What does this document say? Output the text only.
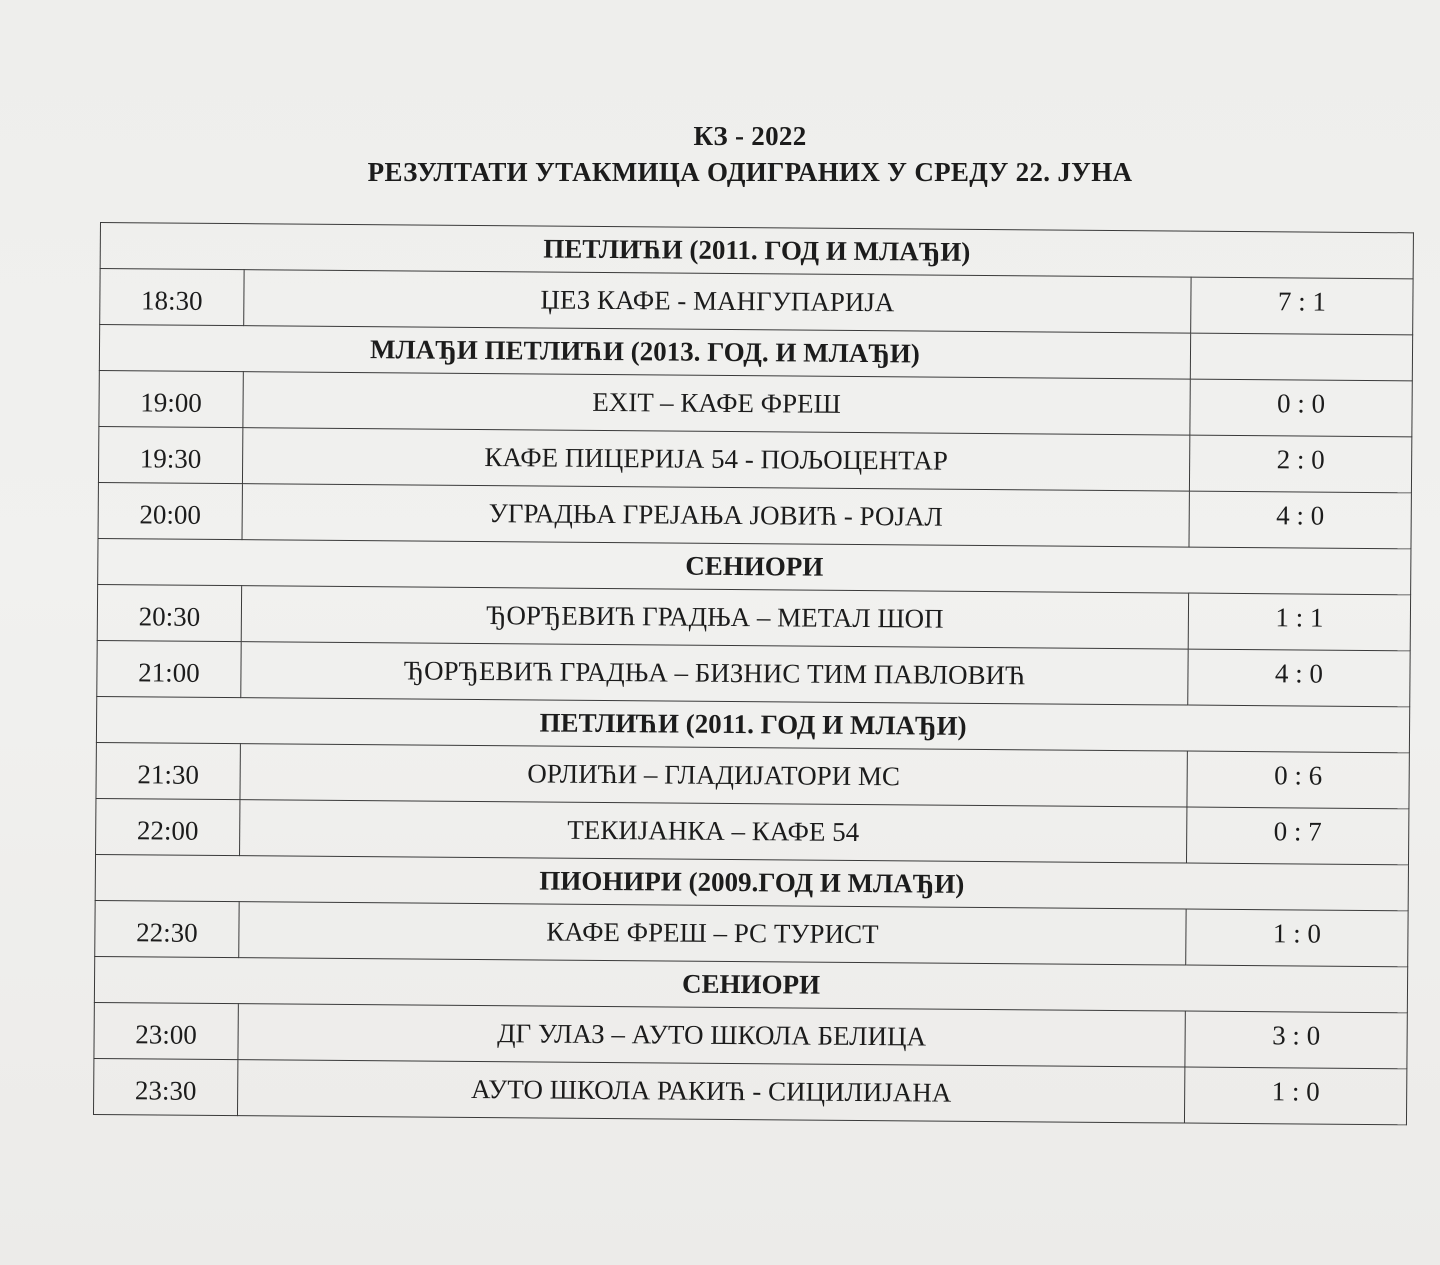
КЗ - 2022
РЕЗУЛТАТИ УТАКМИЦА ОДИГРАНИХ У СРЕДУ 22. ЈУНА
ПЕТЛИЋИ (2011. ГОД И МЛАЂИ)		
18:30	ЏЕЗ КАФЕ - МАНГУПАРИЈА	7 : 1
МЛАЂИ ПЕТЛИЋИ (2013. ГОД. И МЛАЂИ)		
19:00	EXIT – КАФЕ ФРЕШ	0 : 0
19:30	КАФЕ ПИЦЕРИЈА 54 - ПОЉОЦЕНТАР	2 : 0
20:00	УГРАДЊА ГРЕЈАЊА ЈОВИЋ - РОЈАЛ	4 : 0
СЕНИОРИ		
20:30	ЂОРЂЕВИЋ ГРАДЊА – МЕТАЛ ШОП	1 : 1
21:00	ЂОРЂЕВИЋ ГРАДЊА – БИЗНИС ТИМ ПАВЛОВИЋ	4 : 0
ПЕТЛИЋИ (2011. ГОД И МЛАЂИ)		
21:30	ОРЛИЋИ – ГЛАДИЈАТОРИ МС	0 : 6
22:00	ТЕКИЈАНКА – КАФЕ 54	0 : 7
ПИОНИРИ (2009.ГОД И МЛАЂИ)		
22:30	КАФЕ ФРЕШ – РС ТУРИСТ	1 : 0
СЕНИОРИ		
23:00	ДГ УЛАЗ – АУТО ШКОЛА БЕЛИЦА	3 : 0
23:30	АУТО ШКОЛА РАКИЋ - СИЦИЛИЈАНА	1 : 0
